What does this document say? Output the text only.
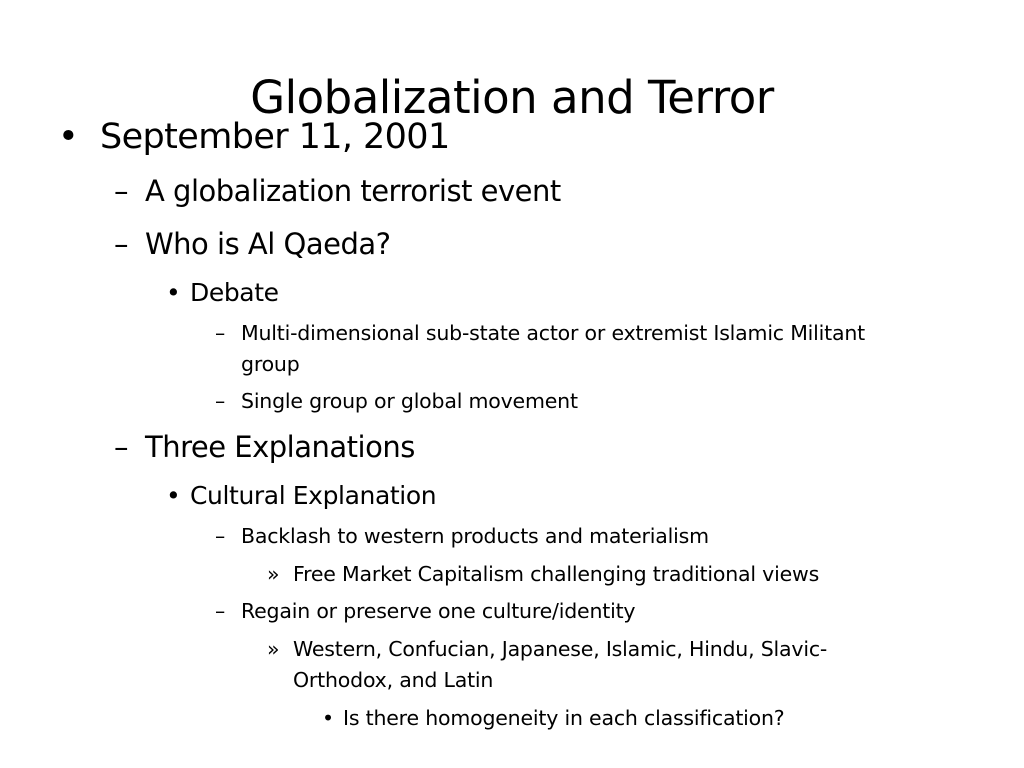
Globalization and Terror
• September 11, 2001

– A globalization terrorist event

– Who is Al Qaeda?

• Debate

– Multi-dimensional sub-state actor or extremist Islamic Militant group

– Single group or global movement

– Three Explanations

• Cultural Explanation

– Backlash to western products and materialism

» Free Market Capitalism challenging traditional views

– Regain or preserve one culture/identity

» Western, Confucian, Japanese, Islamic, Hindu, Slavic-Orthodox, and Latin

• Is there homogeneity in each classification?
